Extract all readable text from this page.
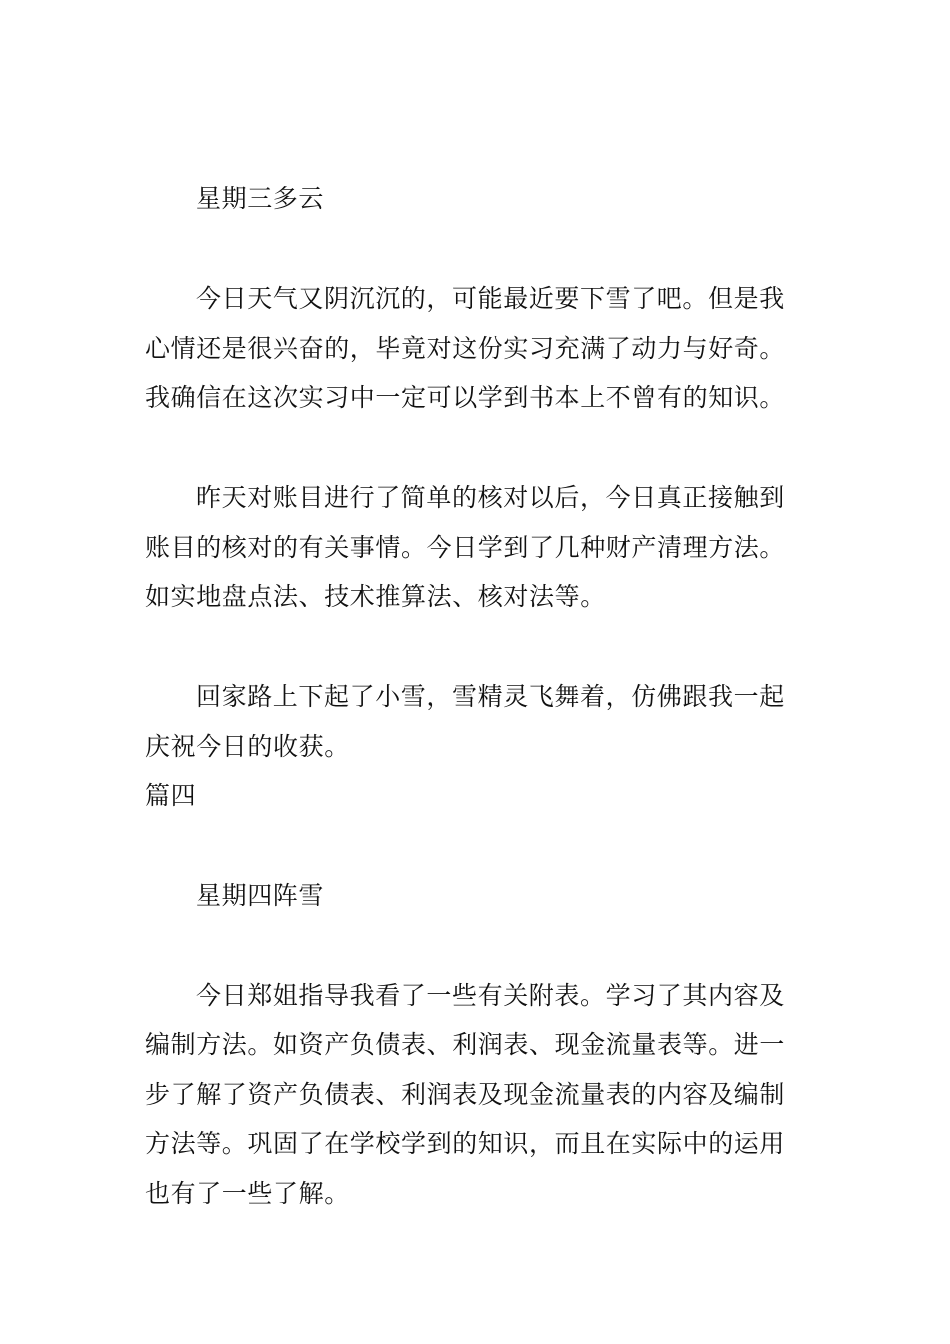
星期三多云
今日天气又阴沉沉的，可能最近要下雪了吧。但是我
心情还是很兴奋的，毕竟对这份实习充满了动力与好奇。
我确信在这次实习中一定可以学到书本上不曾有的知识。
昨天对账目进行了简单的核对以后，今日真正接触到
账目的核对的有关事情。今日学到了几种财产清理方法。
如实地盘点法、技术推算法、核对法等。
回家路上下起了小雪，雪精灵飞舞着，仿佛跟我一起
庆祝今日的收获。
篇四
星期四阵雪
今日郑姐指导我看了一些有关附表。学习了其内容及
编制方法。如资产负债表、利润表、现金流量表等。进一
步了解了资产负债表、利润表及现金流量表的内容及编制
方法等。巩固了在学校学到的知识，而且在实际中的运用
也有了一些了解。
